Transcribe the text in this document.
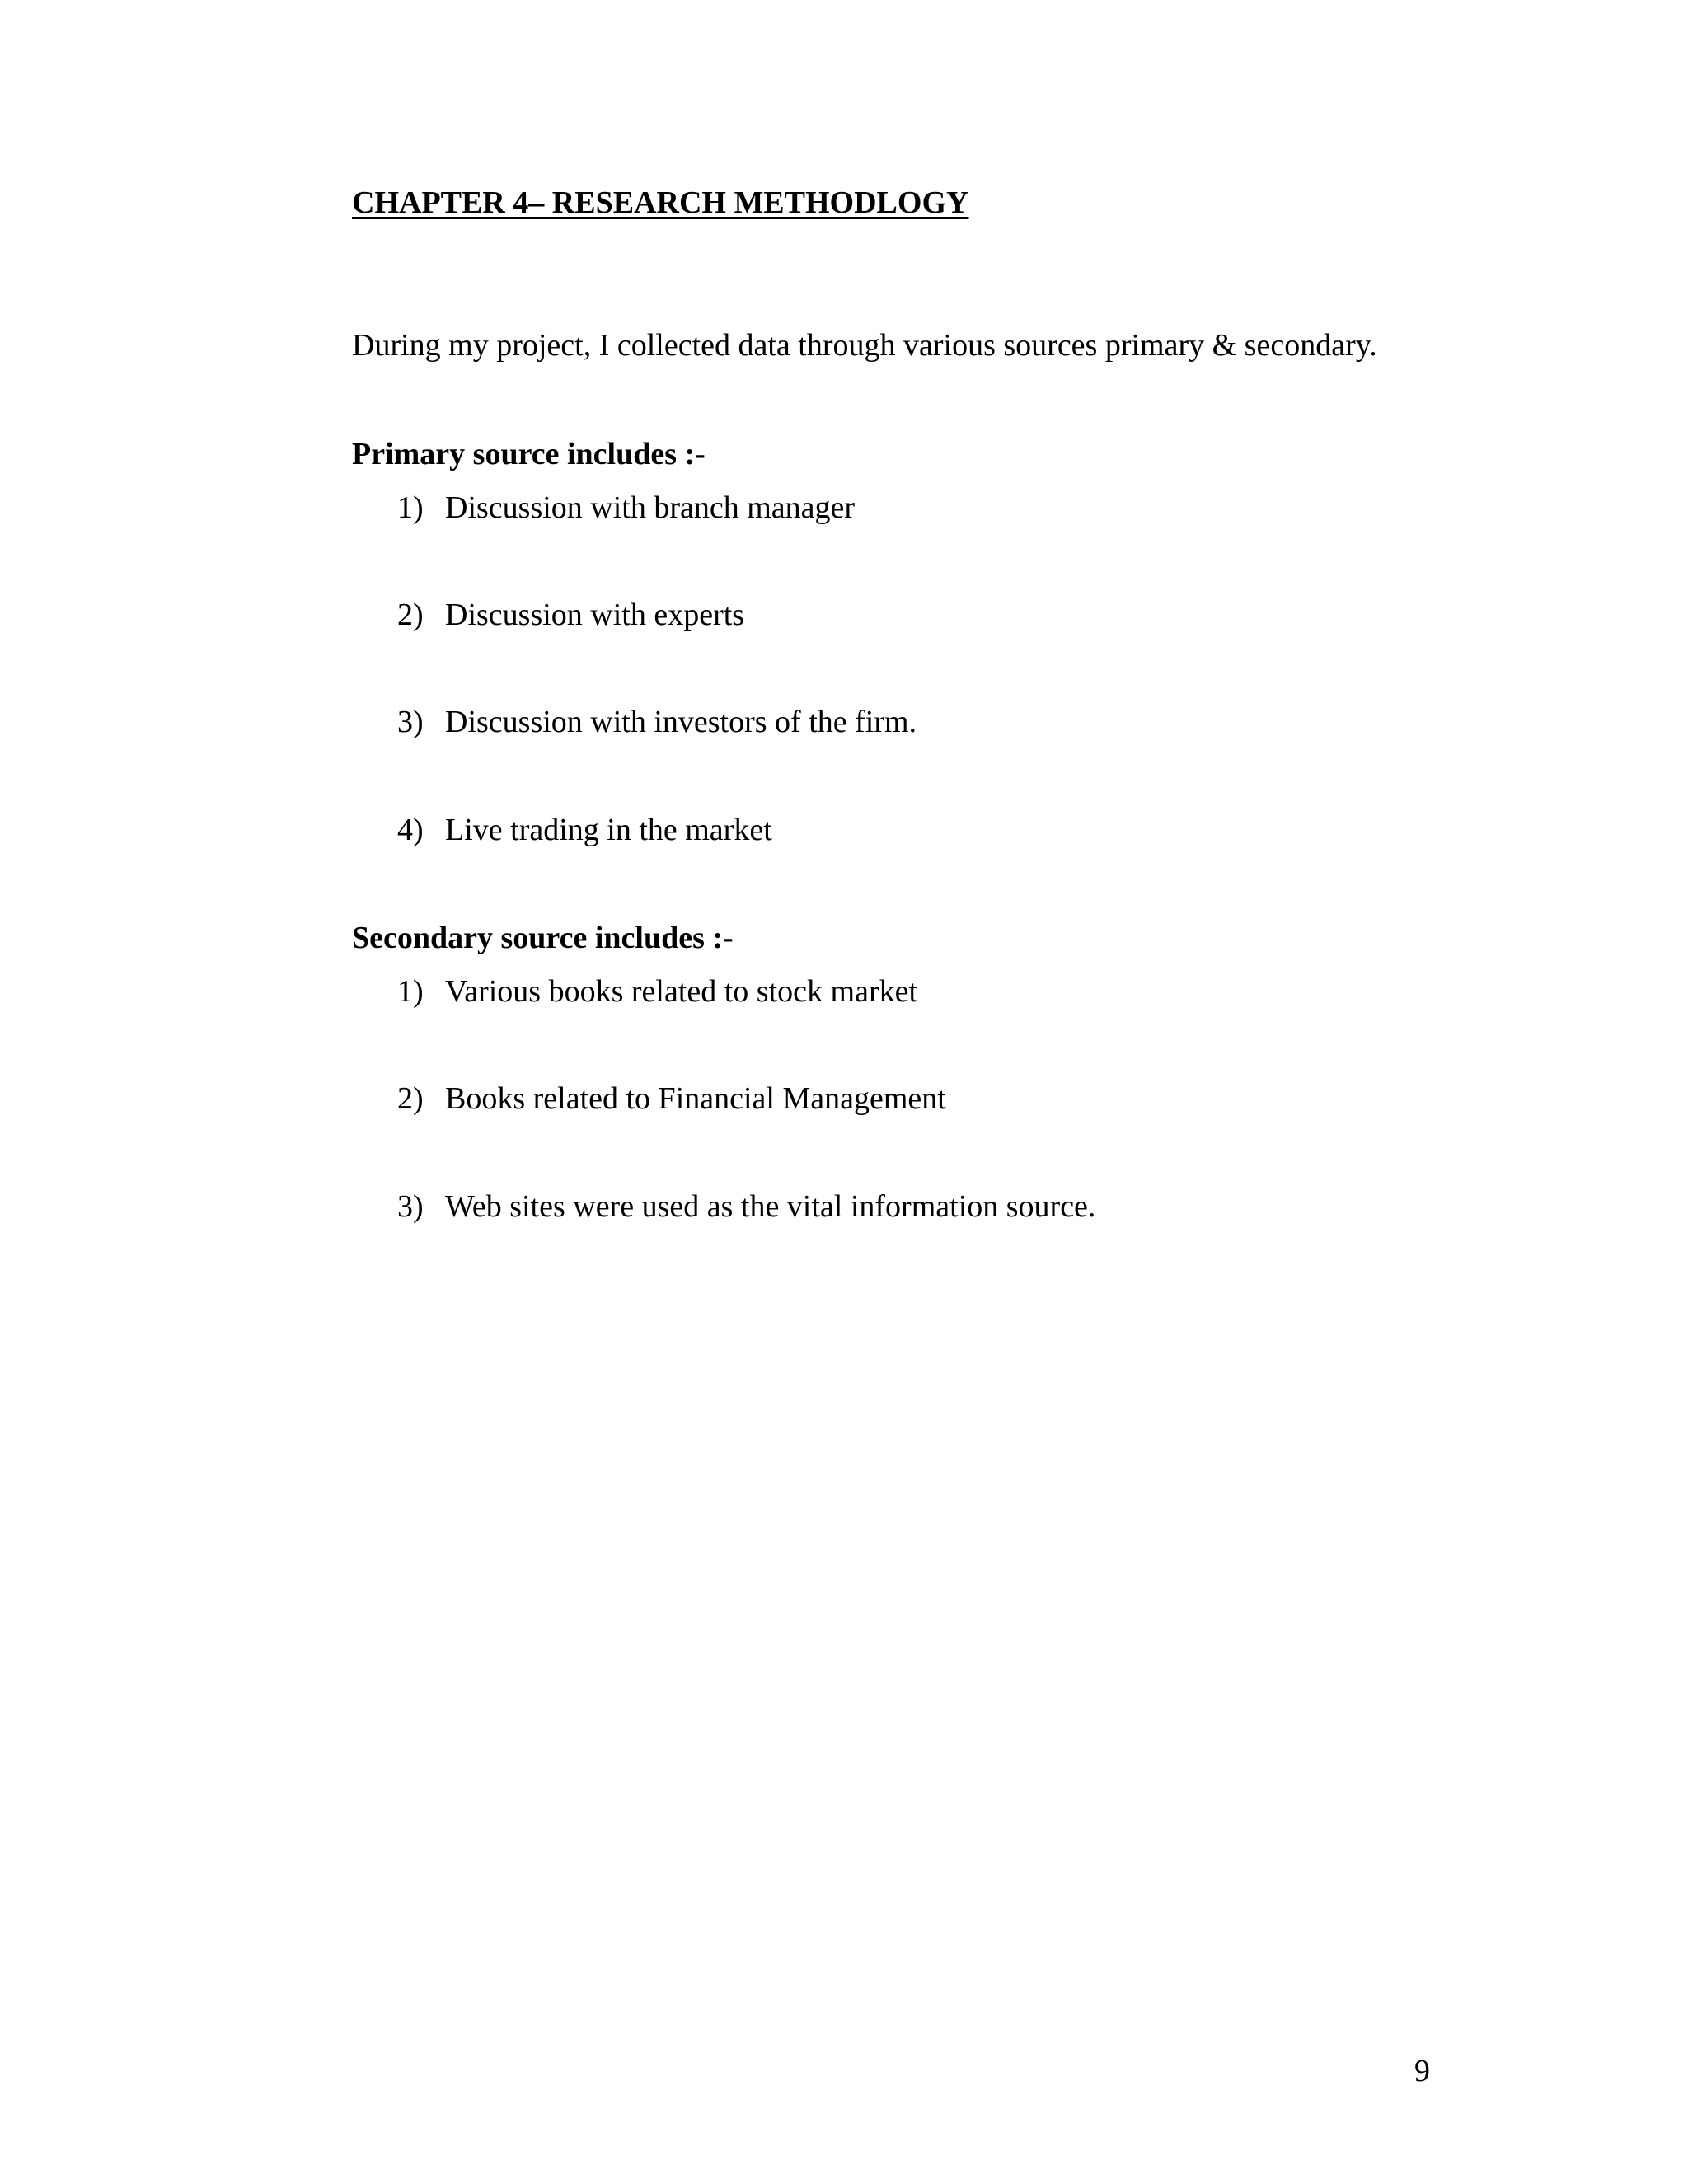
CHAPTER 4– RESEARCH METHODLOGY

During my project, I collected data through various sources primary & secondary.

Primary source includes :-
1) Discussion with branch manager
2) Discussion with experts
3) Discussion with investors of the firm.
4) Live trading in the market
Secondary source includes :-
1) Various books related to stock market
2) Books related to Financial Management
3) Web sites were used as the vital information source.
9
